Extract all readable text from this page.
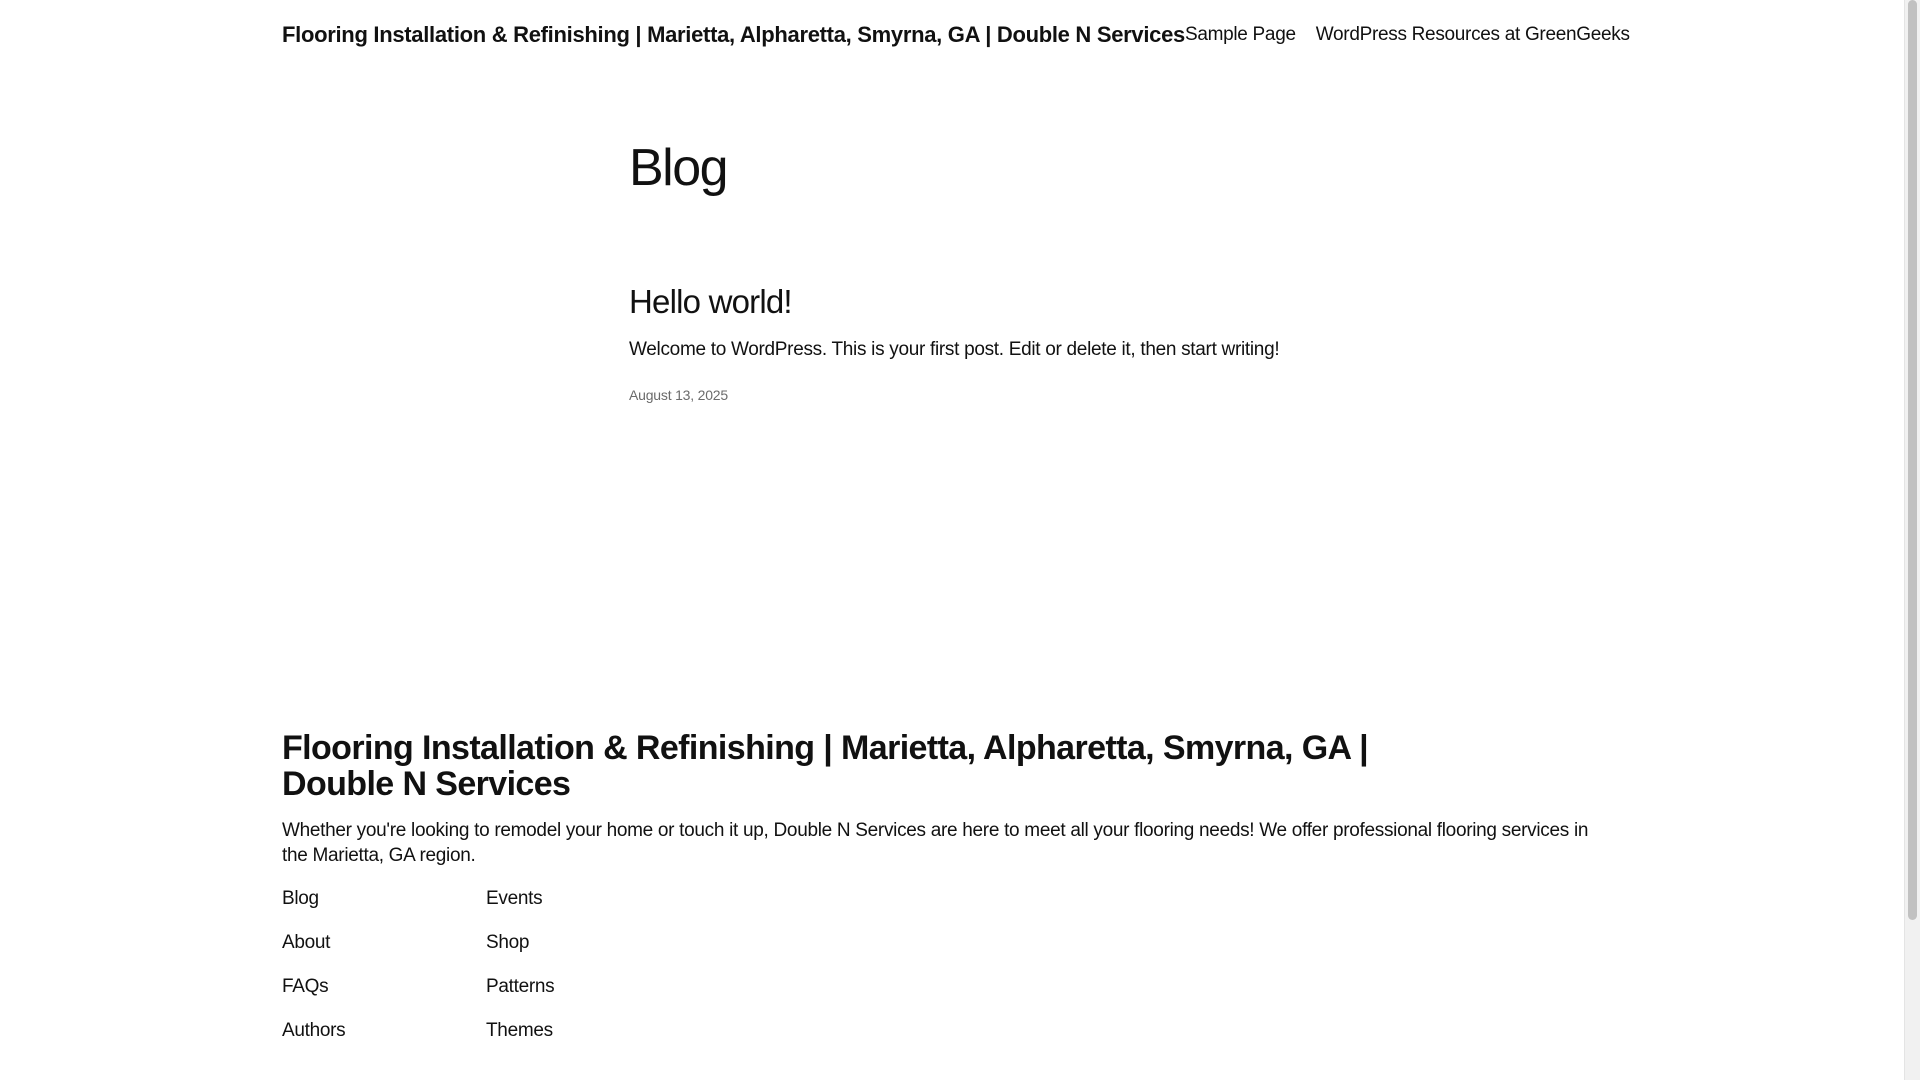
Flooring Installation & Refinishing | Marietta, Alpharetta, Smyrna, GA | Double N Services Sample Page WordPress Resources at GreenGeeks
Blog
Hello world!

Welcome to WordPress. This is your first post. Edit or delete it, then start writing!

August 13, 2025
Flooring Installation & Refinishing | Marietta, Alpharetta, Smyrna, GA | Double N Services

Whether you're looking to remodel your home or touch it up, Double N Services are here to meet all your flooring needs! We offer professional flooring services in the Marietta, GA region.

Blog	Events
About	Shop
FAQs	Patterns
Authors	Themes
